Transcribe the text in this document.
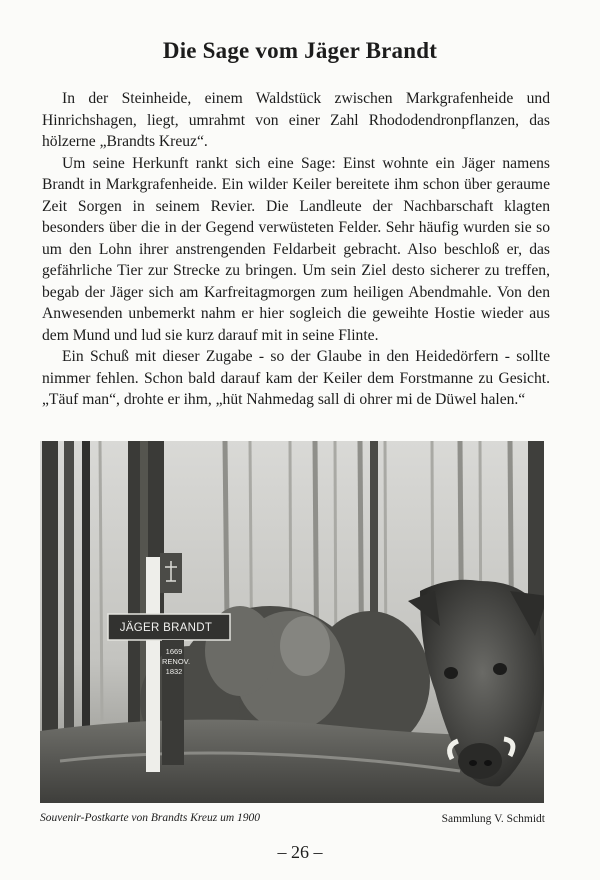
Die Sage vom Jäger Brandt

In der Steinheide, einem Waldstück zwischen Markgrafenheide und Hinrichshagen, liegt, umrahmt von einer Zahl Rhododendronpflanzen, das hölzerne „Brandts Kreuz“.

Um seine Herkunft rankt sich eine Sage: Einst wohnte ein Jäger namens Brandt in Markgrafenheide. Ein wilder Keiler bereitete ihm schon über geraume Zeit Sorgen in seinem Revier. Die Landleute der Nachbarschaft klagten besonders über die in der Gegend verwüsteten Felder. Sehr häufig wurden sie so um den Lohn ihrer anstrengenden Feldarbeit gebracht. Also beschloß er, das gefährliche Tier zur Strecke zu bringen. Um sein Ziel desto sicherer zu treffen, begab der Jäger sich am Karfreitagmorgen zum heiligen Abendmahle. Von den Anwesenden unbemerkt nahm er hier sogleich die geweihte Hostie wieder aus dem Mund und lud sie kurz darauf mit in seine Flinte.

Ein Schuß mit dieser Zugabe - so der Glaube in den Heidedörfern - sollte nimmer fehlen. Schon bald darauf kam der Keiler dem Forstmanne zu Gesicht. „Täuf man“, drohte er ihm, „hüt Nahmedag sall di ohrer mi de Düwel halen.“

JÄGER BRANDT
1669
RENOV.
1832
Souvenir-Postkarte von Brandts Kreuz um 1900	Sammlung V. Schmidt
– 26 –
